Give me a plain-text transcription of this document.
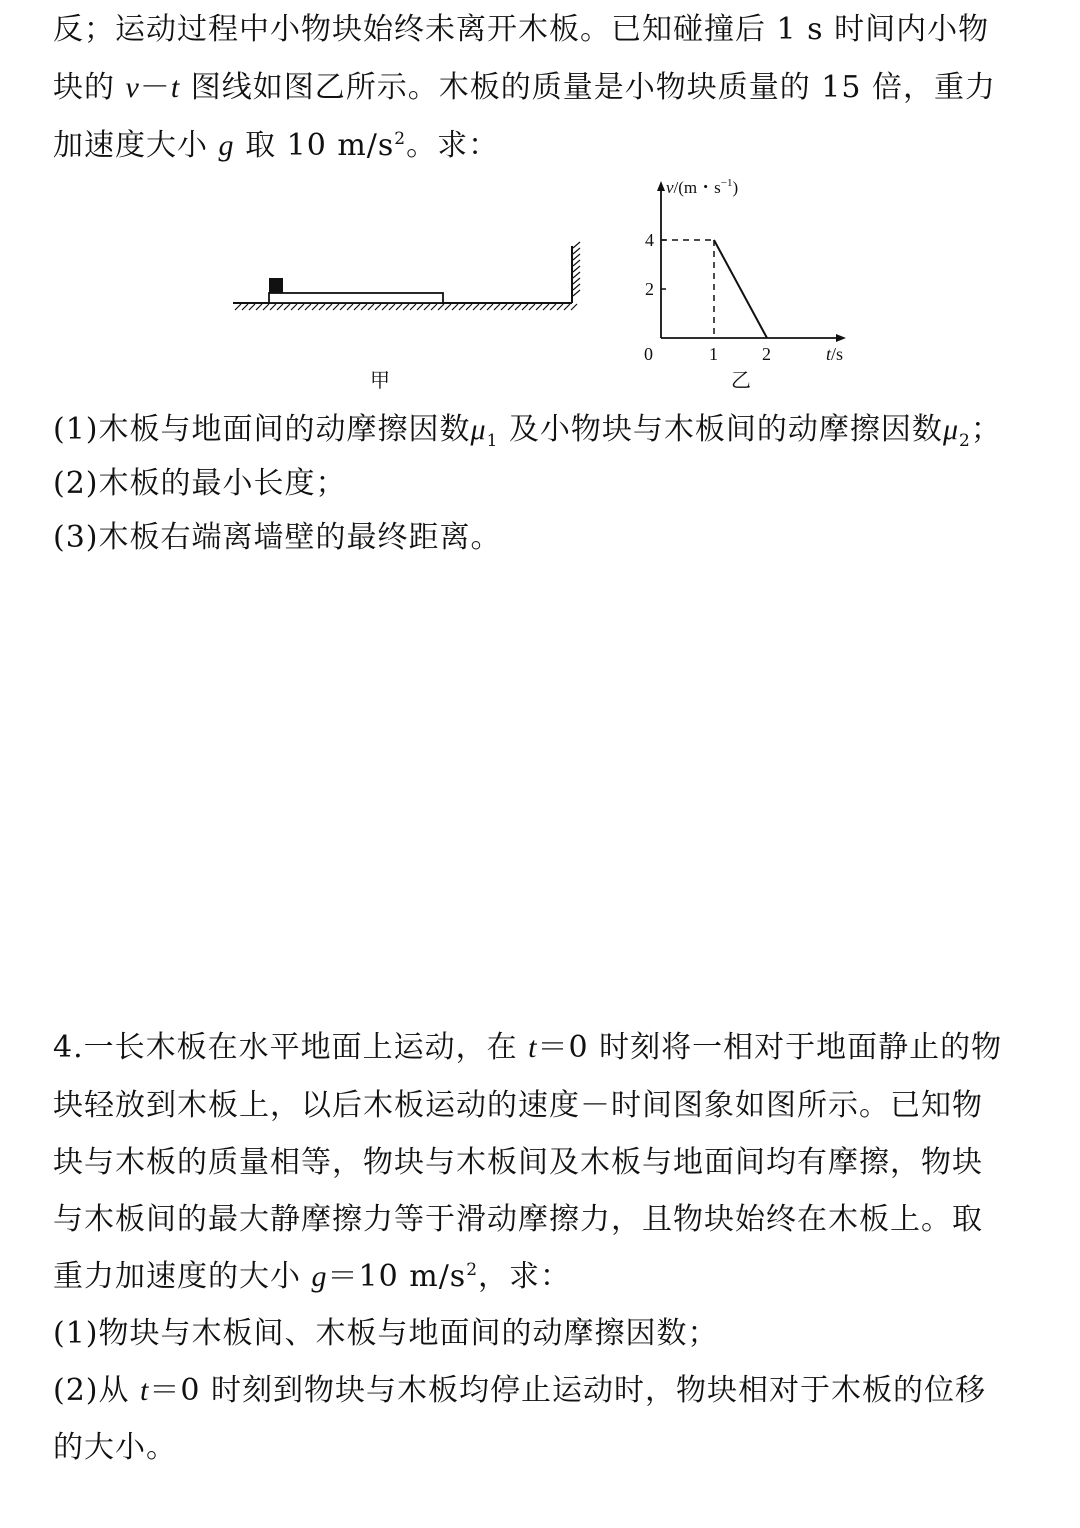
反；运动过程中小物块始终未离开木板。已知碰撞后 1 s 时间内小物
块的 v－t 图线如图乙所示。木板的质量是小物块质量的 15 倍，重力
加速度大小 g 取 10 $m/s^2$。求：
甲
v/(m・$s^{-1}$)
0
4
2
1 2	t/s
乙
(1)木板与地面间的动摩擦因数$\mu_1$ 及小物块与木板间的动摩擦因数$\mu_2$；
(2)木板的最小长度；
(3)木板右端离墙壁的最终距离。
4.一长木板在水平地面上运动，在 t＝0 时刻将一相对于地面静止的物
块轻放到木板上，以后木板运动的速度－时间图象如图所示。已知物
块与木板的质量相等，物块与木板间及木板与地面间均有摩擦，物块
与木板间的最大静摩擦力等于滑动摩擦力，且物块始终在木板上。取
重力加速度的大小 g＝10 $m/s^2$，求：
(1)物块与木板间、木板与地面间的动摩擦因数；
(2)从 t＝0 时刻到物块与木板均停止运动时，物块相对于木板的位移
的大小。
